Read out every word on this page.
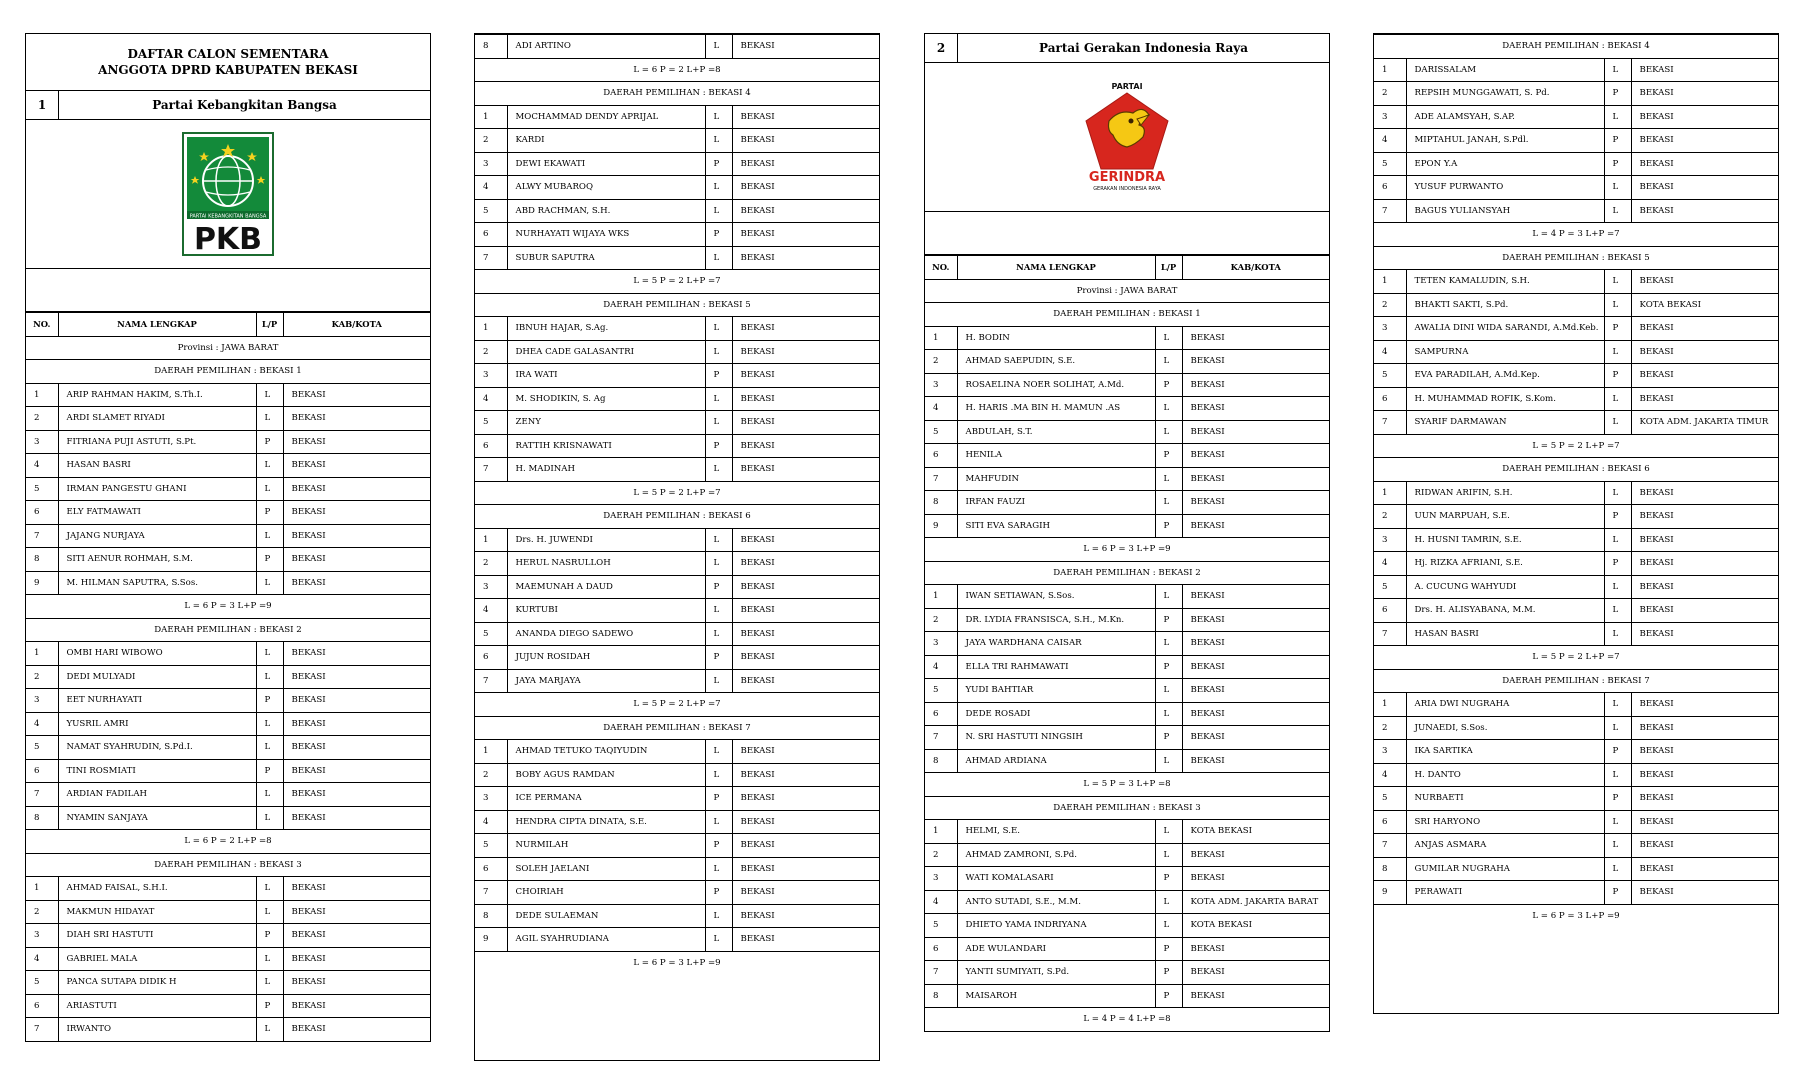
DAFTAR CALON SEMENTARA
ANGGOTA DPRD KABUPATEN BEKASI
1	Partai Kebangkitan Bangsa
PARTAI KEBANGKITAN BANGSA
PKB
NO.	NAMA LENGKAP	L/P	KAB/KOTA
Provinsi : JAWA BARAT			
DAERAH PEMILIHAN : BEKASI 1			
1	ARIP RAHMAN HAKIM, S.Th.I.	L	BEKASI
2	ARDI SLAMET RIYADI	L	BEKASI
3	FITRIANA PUJI ASTUTI, S.Pt.	P	BEKASI
4	HASAN BASRI	L	BEKASI
5	IRMAN PANGESTU GHANI	L	BEKASI
6	ELY FATMAWATI	P	BEKASI
7	JAJANG NURJAYA	L	BEKASI
8	SITI AENUR ROHMAH, S.M.	P	BEKASI
9	M. HILMAN SAPUTRA, S.Sos.	L	BEKASI
L = 6 P = 3 L+P =9			
DAERAH PEMILIHAN : BEKASI 2			
1	OMBI HARI WIBOWO	L	BEKASI
2	DEDI MULYADI	L	BEKASI
3	EET NURHAYATI	P	BEKASI
4	YUSRIL AMRI	L	BEKASI
5	NAMAT SYAHRUDIN, S.Pd.I.	L	BEKASI
6	TINI ROSMIATI	P	BEKASI
7	ARDIAN FADILAH	L	BEKASI
8	NYAMIN SANJAYA	L	BEKASI
L = 6 P = 2 L+P =8			
DAERAH PEMILIHAN : BEKASI 3			
1	AHMAD FAISAL, S.H.I.	L	BEKASI
2	MAKMUN HIDAYAT	L	BEKASI
3	DIAH SRI HASTUTI	P	BEKASI
4	GABRIEL MALA	L	BEKASI
5	PANCA SUTAPA DIDIK H	L	BEKASI
6	ARIASTUTI	P	BEKASI
7	IRWANTO	L	BEKASI
8	ADI ARTINO	L	BEKASI
L = 6 P = 2 L+P =8			
DAERAH PEMILIHAN : BEKASI 4			
1	MOCHAMMAD DENDY APRIJAL	L	BEKASI
2	KARDI	L	BEKASI
3	DEWI EKAWATI	P	BEKASI
4	ALWY MUBAROQ	L	BEKASI
5	ABD RACHMAN, S.H.	L	BEKASI
6	NURHAYATI WIJAYA WKS	P	BEKASI
7	SUBUR SAPUTRA	L	BEKASI
L = 5 P = 2 L+P =7			
DAERAH PEMILIHAN : BEKASI 5			
1	IBNUH HAJAR, S.Ag.	L	BEKASI
2	DHEA CADE GALASANTRI	L	BEKASI
3	IRA WATI	P	BEKASI
4	M. SHODIKIN, S. Ag	L	BEKASI
5	ZENY	L	BEKASI
6	RATTIH KRISNAWATI	P	BEKASI
7	H. MADINAH	L	BEKASI
L = 5 P = 2 L+P =7			
DAERAH PEMILIHAN : BEKASI 6			
1	Drs. H. JUWENDI	L	BEKASI
2	HERUL NASRULLOH	L	BEKASI
3	MAEMUNAH A DAUD	P	BEKASI
4	KURTUBI	L	BEKASI
5	ANANDA DIEGO SADEWO	L	BEKASI
6	JUJUN ROSIDAH	P	BEKASI
7	JAYA MARJAYA	L	BEKASI
L = 5 P = 2 L+P =7			
DAERAH PEMILIHAN : BEKASI 7			
1	AHMAD TETUKO TAQIYUDIN	L	BEKASI
2	BOBY AGUS RAMDAN	L	BEKASI
3	ICE PERMANA	P	BEKASI
4	HENDRA CIPTA DINATA, S.E.	L	BEKASI
5	NURMILAH	P	BEKASI
6	SOLEH JAELANI	L	BEKASI
7	CHOIRIAH	P	BEKASI
8	DEDE SULAEMAN	L	BEKASI
9	AGIL SYAHRUDIANA	L	BEKASI
L = 6 P = 3 L+P =9			
2	Partai Gerakan Indonesia Raya
PARTAI
GERINDRA
GERAKAN INDONESIA RAYA
NO.	NAMA LENGKAP	L/P	KAB/KOTA
Provinsi : JAWA BARAT			
DAERAH PEMILIHAN : BEKASI 1			
1	H. BODIN	L	BEKASI
2	AHMAD SAEPUDIN, S.E.	L	BEKASI
3	ROSAELINA NOER SOLIHAT, A.Md.	P	BEKASI
4	H. HARIS .MA BIN H. MAMUN .AS	L	BEKASI
5	ABDULAH, S.T.	L	BEKASI
6	HENILA	P	BEKASI
7	MAHFUDIN	L	BEKASI
8	IRFAN FAUZI	L	BEKASI
9	SITI EVA SARAGIH	P	BEKASI
L = 6 P = 3 L+P =9			
DAERAH PEMILIHAN : BEKASI 2			
1	IWAN SETIAWAN, S.Sos.	L	BEKASI
2	DR. LYDIA FRANSISCA, S.H., M.Kn.	P	BEKASI
3	JAYA WARDHANA CAISAR	L	BEKASI
4	ELLA TRI RAHMAWATI	P	BEKASI
5	YUDI BAHTIAR	L	BEKASI
6	DEDE ROSADI	L	BEKASI
7	N. SRI HASTUTI NINGSIH	P	BEKASI
8	AHMAD ARDIANA	L	BEKASI
L = 5 P = 3 L+P =8			
DAERAH PEMILIHAN : BEKASI 3			
1	HELMI, S.E.	L	KOTA BEKASI
2	AHMAD ZAMRONI, S.Pd.	L	BEKASI
3	WATI KOMALASARI	P	BEKASI
4	ANTO SUTADI, S.E., M.M.	L	KOTA ADM. JAKARTA BARAT
5	DHIETO YAMA INDRIYANA	L	KOTA BEKASI
6	ADE WULANDARI	P	BEKASI
7	YANTI SUMIYATI, S.Pd.	P	BEKASI
8	MAISAROH	P	BEKASI
L = 4 P = 4 L+P =8			
DAERAH PEMILIHAN : BEKASI 4			
1	DARISSALAM	L	BEKASI
2	REPSIH MUNGGAWATI, S. Pd.	P	BEKASI
3	ADE ALAMSYAH, S.AP.	L	BEKASI
4	MIPTAHUL JANAH, S.Pdl.	P	BEKASI
5	EPON Y.A	P	BEKASI
6	YUSUF PURWANTO	L	BEKASI
7	BAGUS YULIANSYAH	L	BEKASI
L = 4 P = 3 L+P =7			
DAERAH PEMILIHAN : BEKASI 5			
1	TETEN KAMALUDIN, S.H.	L	BEKASI
2	BHAKTI SAKTI, S.Pd.	L	KOTA BEKASI
3	AWALIA DINI WIDA SARANDI, A.Md.Keb.	P	BEKASI
4	SAMPURNA	L	BEKASI
5	EVA PARADILAH, A.Md.Kep.	P	BEKASI
6	H. MUHAMMAD ROFIK, S.Kom.	L	BEKASI
7	SYARIF DARMAWAN	L	KOTA ADM. JAKARTA TIMUR
L = 5 P = 2 L+P =7			
DAERAH PEMILIHAN : BEKASI 6			
1	RIDWAN ARIFIN, S.H.	L	BEKASI
2	UUN MARPUAH, S.E.	P	BEKASI
3	H. HUSNI TAMRIN, S.E.	L	BEKASI
4	Hj. RIZKA AFRIANI, S.E.	P	BEKASI
5	A. CUCUNG WAHYUDI	L	BEKASI
6	Drs. H. ALISYABANA, M.M.	L	BEKASI
7	HASAN BASRI	L	BEKASI
L = 5 P = 2 L+P =7			
DAERAH PEMILIHAN : BEKASI 7			
1	ARIA DWI NUGRAHA	L	BEKASI
2	JUNAEDI, S.Sos.	L	BEKASI
3	IKA SARTIKA	P	BEKASI
4	H. DANTO	L	BEKASI
5	NURBAETI	P	BEKASI
6	SRI HARYONO	L	BEKASI
7	ANJAS ASMARA	L	BEKASI
8	GUMILAR NUGRAHA	L	BEKASI
9	PERAWATI	P	BEKASI
L = 6 P = 3 L+P =9			
